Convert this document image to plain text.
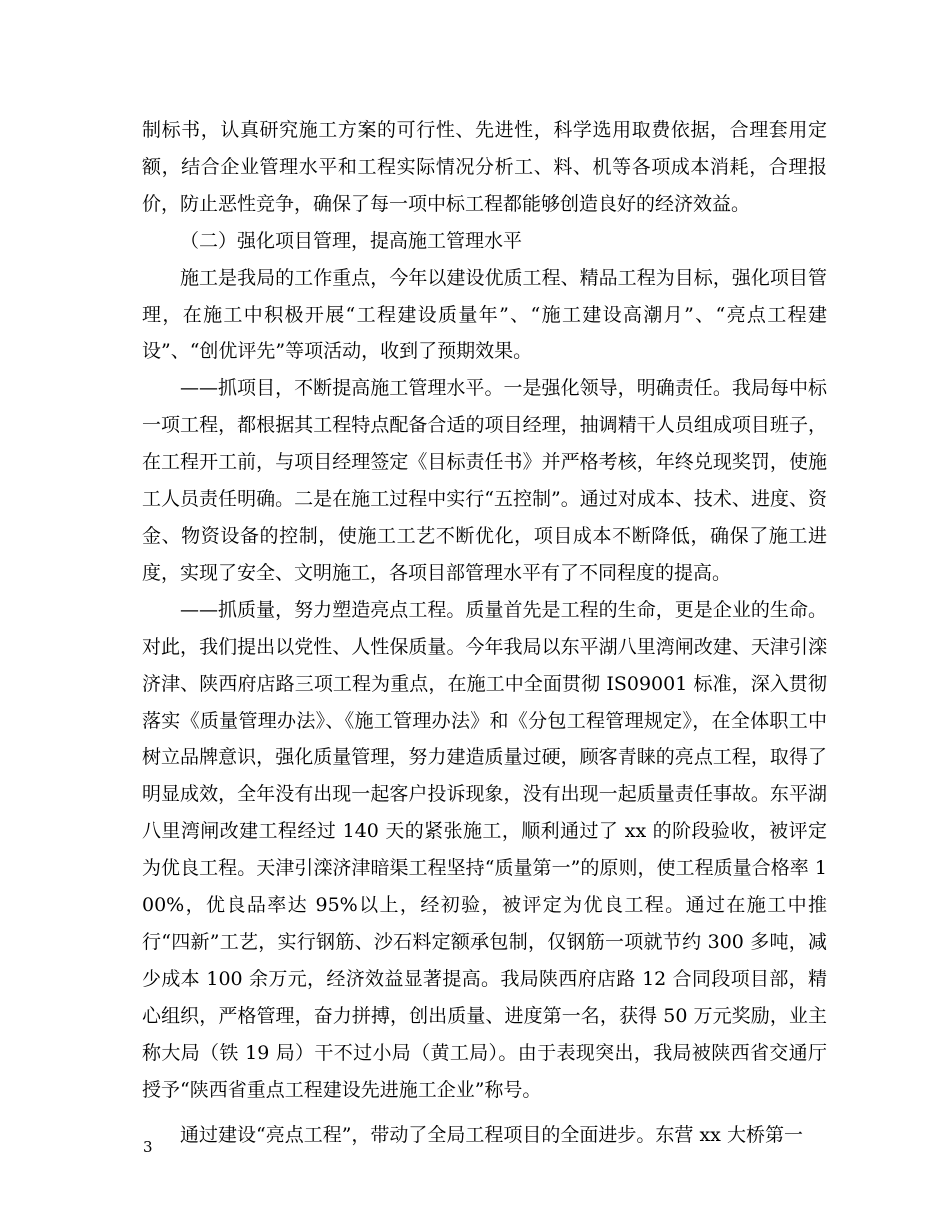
制标书，认真研究施工方案的可行性、先进性，科学选用取费依据，合理套用定额，结合企业管理水平和工程实际情况分析工、料、机等各项成本消耗，合理报价，防止恶性竞争，确保了每一项中标工程都能够创造良好的经济效益。

（二）强化项目管理，提高施工管理水平

施工是我局的工作重点，今年以建设优质工程、精品工程为目标，强化项目管理，在施工中积极开展“工程建设质量年”、“施工建设高潮月”、“亮点工程建设”、“创优评先”等项活动，收到了预期效果。

——抓项目，不断提高施工管理水平。一是强化领导，明确责任。我局每中标一项工程，都根据其工程特点配备合适的项目经理，抽调精干人员组成项目班子，在工程开工前，与项目经理签定《目标责任书》并严格考核，年终兑现奖罚，使施工人员责任明确。二是在施工过程中实行“五控制”。通过对成本、技术、进度、资金、物资设备的控制，使施工工艺不断优化，项目成本不断降低，确保了施工进度，实现了安全、文明施工，各项目部管理水平有了不同程度的提高。

——抓质量，努力塑造亮点工程。质量首先是工程的生命，更是企业的生命。对此，我们提出以党性、人性保质量。今年我局以东平湖八里湾闸改建、天津引滦济津、陕西府店路三项工程为重点，在施工中全面贯彻 IS09001 标准，深入贯彻落实《质量管理办法》、《施工管理办法》和《分包工程管理规定》，在全体职工中树立品牌意识，强化质量管理，努力建造质量过硬，顾客青睐的亮点工程，取得了明显成效，全年没有出现一起客户投诉现象，没有出现一起质量责任事故。东平湖八里湾闸改建工程经过 140 天的紧张施工，顺利通过了 xx 的阶段验收，被评定为优良工程。天津引滦济津暗渠工程坚持“质量第一”的原则，使工程质量合格率 100%，优良品率达 95%以上，经初验，被评定为优良工程。通过在施工中推行“四新”工艺，实行钢筋、沙石料定额承包制，仅钢筋一项就节约 300 多吨，减少成本 100 余万元，经济效益显著提高。我局陕西府店路 12 合同段项目部，精心组织，严格管理，奋力拼搏，创出质量、进度第一名，获得 50 万元奖励，业主称大局（铁 19 局）干不过小局（黄工局）。由于表现突出，我局被陕西省交通厅授予“陕西省重点工程建设先进施工企业”称号。

通过建设“亮点工程”，带动了全局工程项目的全面进步。东营 xx 大桥第一

3
